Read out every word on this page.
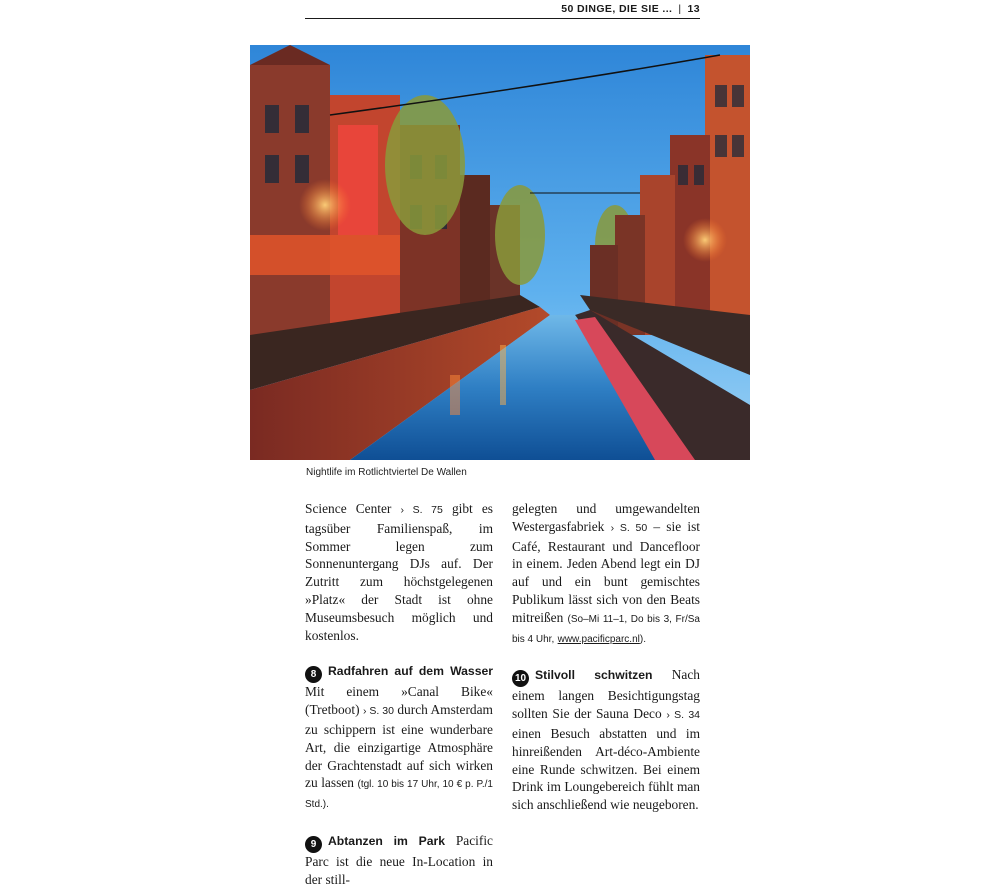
50 DINGE, DIE SIE ... | 13
Nightlife im Rotlichtviertel De Wallen

Science Center › S. 75 gibt es tagsüber Familienspaß, im Sommer legen zum Sonnenuntergang DJs auf. Der Zutritt zum höchstgelegenen »Platz« der Stadt ist ohne Museumsbesuch möglich und kostenlos.

8 Radfahren auf dem Wasser Mit einem »Canal Bike« (Tretboot) › S. 30 durch Amsterdam zu schippern ist eine wunderbare Art, die einzigartige Atmosphäre der Grachtenstadt auf sich wirken zu lassen (tgl. 10 bis 17 Uhr, 10 € p. P./1 Std.).

9 Abtanzen im Park Pacific Parc ist die neue In-Location in der still-

gelegten und umgewandelten Westergasfabriek › S. 50 – sie ist Café, Restaurant und Dancefloor in einem. Jeden Abend legt ein DJ auf und ein bunt gemischtes Publikum lässt sich von den Beats mitreißen (So–Mi 11–1, Do bis 3, Fr/Sa bis 4 Uhr, www.pacificparc.nl).

10 Stilvoll schwitzen Nach einem langen Besichtigungstag sollten Sie der Sauna Deco › S. 34 einen Besuch abstatten und im hinreißenden Art-déco-Ambiente eine Runde schwitzen. Bei einem Drink im Loungebereich fühlt man sich anschließend wie neugeboren.
